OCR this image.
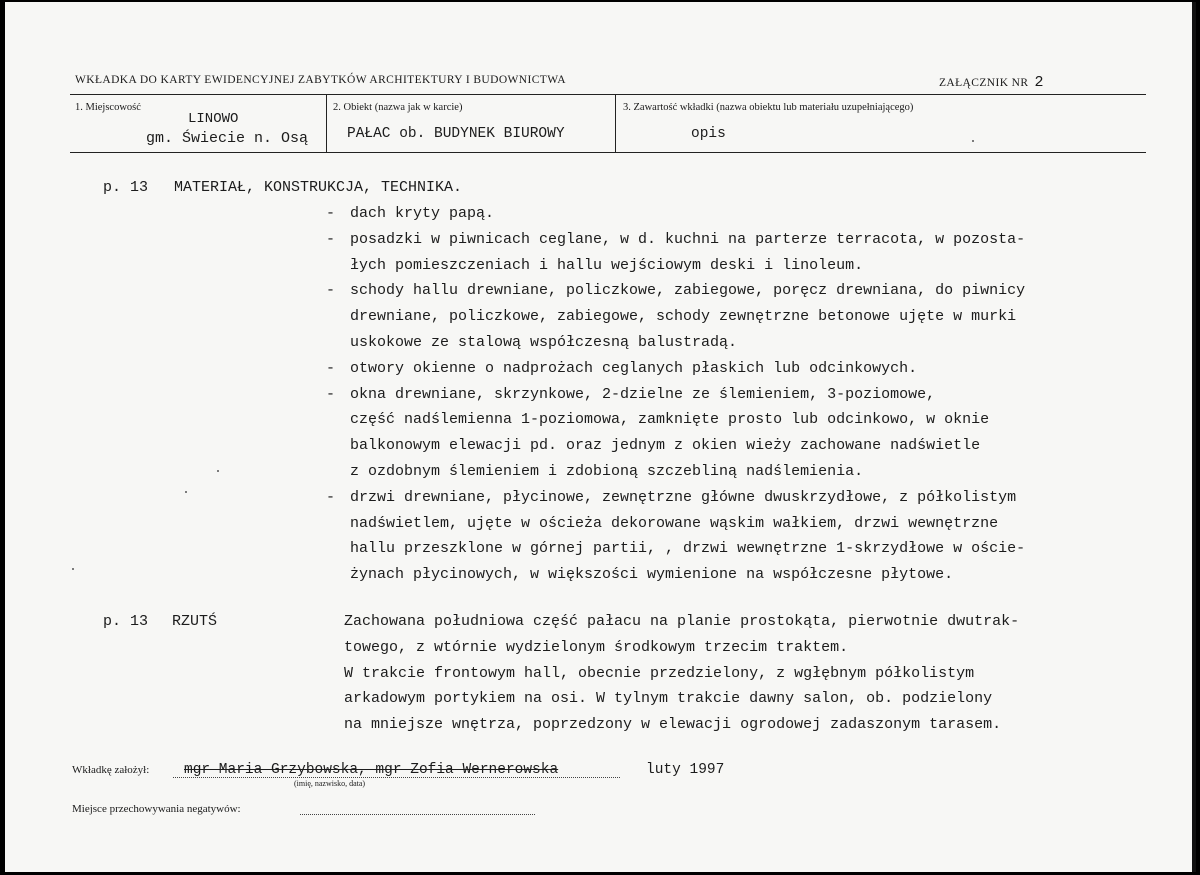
WKŁADKA DO KARTY EWIDENCYJNEJ ZABYTKÓW ARCHITEKTURY I BUDOWNICTWA	ZAŁĄCZNIK NR 2
1. Miejscowość
LINOWO
gm. Świecie n. Osą
2. Obiekt (nazwa jak w karcie)
PAŁAC ob. BUDYNEK BIUROWY
3. Zawartość wkładki (nazwa obiektu lub materiału uzupełniającego)
opis
p. 13 MATERIAŁ, KONSTRUKCJA, TECHNIKA.
- dach kryty papą.
- posadzki w piwnicach ceglane, w d. kuchni na parterze terracota, w pozosta-
łych pomieszczeniach i hallu wejściowym deski i linoleum.
- schody hallu drewniane, policzkowe, zabiegowe, poręcz drewniana, do piwnicy
drewniane, policzkowe, zabiegowe, schody zewnętrzne betonowe ujęte w murki
uskokowe ze stalową współczesną balustradą.
- otwory okienne o nadprożach ceglanych płaskich lub odcinkowych.
- okna drewniane, skrzynkowe, 2-dzielne ze ślemieniem, 3-poziomowe,
część nadślemienna 1-poziomowa, zamknięte prosto lub odcinkowo, w oknie
balkonowym elewacji pd. oraz jednym z okien wieży zachowane nadświetle
z ozdobnym ślemieniem i zdobioną szczebliną nadślemienia.
- drzwi drewniane, płycinowe, zewnętrzne główne dwuskrzydłowe, z półkolistym
nadświetlem, ujęte w ościeża dekorowane wąskim wałkiem, drzwi wewnętrzne
hallu przeszklone w górnej partii, , drzwi wewnętrzne 1-skrzydłowe w oście-
żynach płycinowych, w większości wymienione na współczesne płytowe.
p. 13 RZUTŚ	Zachowana południowa część pałacu na planie prostokąta, pierwotnie dwutrak-
towego, z wtórnie wydzielonym środkowym trzecim traktem.
W trakcie frontowym hall, obecnie przedzielony, z wgłębnym półkolistym
arkadowym portykiem na osi. W tylnym trakcie dawny salon, ob. podzielony
na mniejsze wnętrza, poprzedzony w elewacji ogrodowej zadaszonym tarasem.
Wkładkę założył: mgr Maria Grzybowska, mgr Zofia Wernerowska	luty 1997
(imię, nazwisko, data)
Miejsce przechowywania negatywów:
